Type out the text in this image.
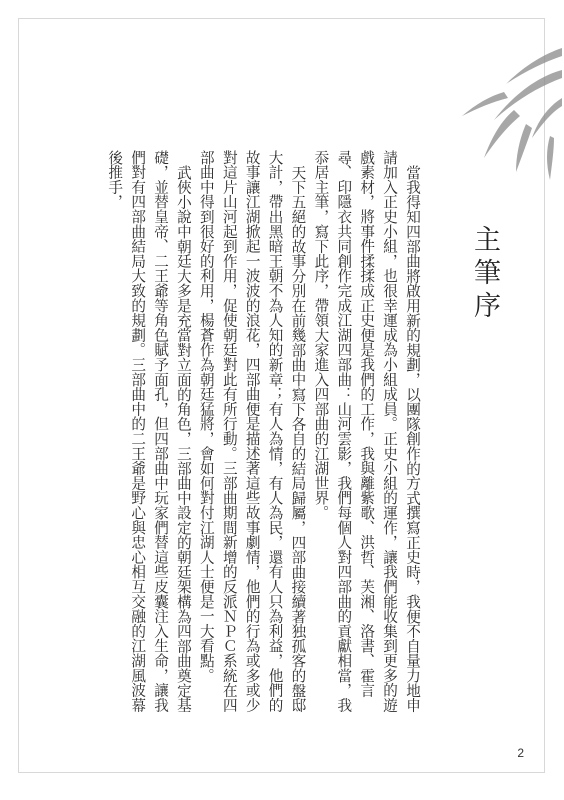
主筆序

當我得知四部曲將啟用新的規劃，以團隊創作的方式撰寫正史時，我便不自量力地申請加入正史小組，也很幸運成為小組成員。正史小組的運作，讓我們能收集到更多的遊戲素材，將事件揉揉成正史便是我們的工作，我與離紫歌、洪哲、芙湘、洛書、霍言尋、印隱衣共同創作完成江湖四部曲：山河雲影，我們每個人對四部曲的貢獻相當，我忝居主筆，寫下此序，帶領大家進入四部曲的江湖世界。

天下五絕的故事分別在前幾部曲中寫下各自的結局歸屬，四部曲接續著独孤客的盤邸大計，帶出黑暗王朝不為人知的新章；有人為情，有人為民，還有人只為利益，他們的故事讓江湖掀起一波波的浪花，四部曲便是描述著這些故事劇情，他們的行為或多或少對這片山河起到作用，促使朝廷對此有所行動。三部曲期間新增的反派ＮＰＣ系統在四部曲中得到很好的利用，楊蒼作為朝廷猛將，會如何對付江湖人士便是一大看點。

武俠小說中朝廷大多是充當對立面的角色，三部曲中設定的朝廷架構為四部曲奠定基礎，並替皇帝、二王爺等角色賦予面孔，但四部曲中玩家們替這些皮囊注入生命，讓我們對有四部曲結局大致的規劃。三部曲中的二王爺是野心與忠心相互交融的江湖風波幕後推手，

2
